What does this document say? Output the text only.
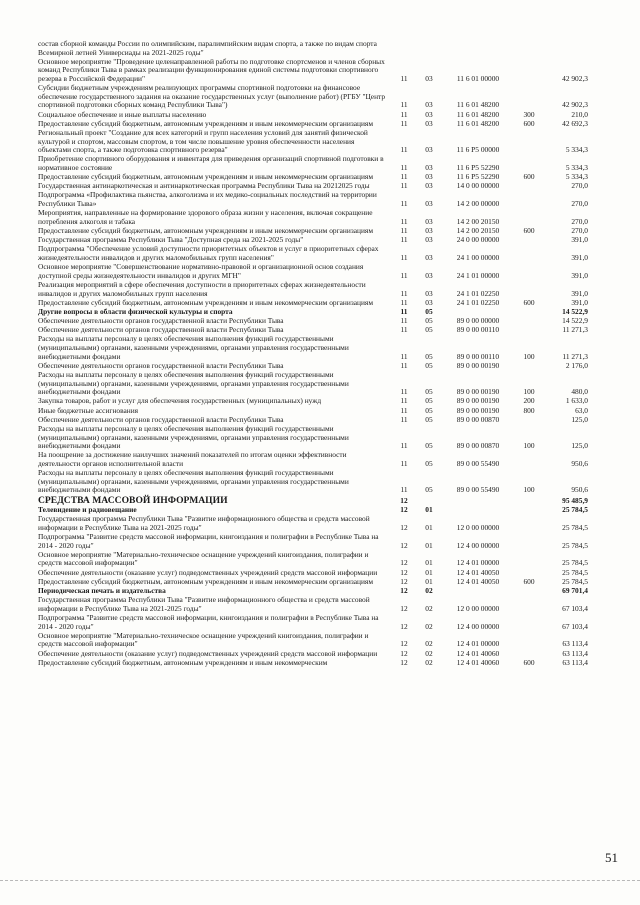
состав сборной команды России по олимпийским, паралимпийским видам спорта, а также по видам спорта Всемирной летней Универсиады на 2021-2025 годы"
Основное мероприятие "Проведение целенаправленной работы по подготовке спортсменов и членов сборных команд Республики Тыва в рамках реализации функционирования единой системы подготовки спортивного резерва в Российской Федерации"	11	03	11 6 01 00000	42 902,3
Субсидии бюджетным учреждениям реализующих программы спортивной подготовки на финансовое обеспечение государственного задания на оказание государственных услуг (выполнение работ) (РГБУ "Центр спортивной подготовки сборных команд Республики Тыва")	11	03	11 6 01 48200	42 902,3
Социальное обеспечение и иные выплаты населению	11	03	11 6 01 48200	300	210,0
Предоставление субсидий бюджетным, автономным учреждениям и иным некоммерческим организациям	11	03	11 6 01 48200	600	42 692,3
Региональный проект "Создание для всех категорий и групп населения условий для занятий физической культурой и спортом, массовым спортом, в том числе повышение уровня обеспеченности населения объектами спорта, а также подготовка спортивного резерва"	11	03	11 6 P5 00000	5 334,3
Приобретение спортивного оборудования и инвентаря для приведения организаций спортивной подготовки в нормативное состояние	11	03	11 6 P5 52290	5 334,3
Предоставление субсидий бюджетным, автономным учреждениям и иным некоммерческим организациям	11	03	11 6 P5 52290	600	5 334,3
Государственная антинаркотическая и антинаркотическая программа Республики Тыва на 20212025 годы	11	03	14 0 00 00000	270,0
Подпрограмма «Профилактика пьянства, алкоголизма и их медико-социальных последствий на территории Республики Тыва»	11	03	14 2 00 00000	270,0
Мероприятия, направленные на формирование здорового образа жизни у населения, включая сокращение потребления алкоголя и табака	11	03	14 2 00 20150	270,0
Предоставление субсидий бюджетным, автономным учреждениям и иным некоммерческим организациям	11	03	14 2 00 20150	600	270,0
Государственная программа Республики Тыва "Доступная среда на 2021-2025 годы"	11	03	24 0 00 00000	391,0
Подпрограмма "Обеспечение условий доступности приоритетных объектов и услуг в приоритетных сферах жизнедеятельности инвалидов и других маломобильных групп населения"	11	03	24 1 00 00000	391,0
Основное мероприятие "Совершенствование нормативно-правовой и организационной основ создания доступной среды жизнедеятельности инвалидов и других МГН"	11	03	24 1 01 00000	391,0
Реализация мероприятий в сфере обеспечения доступности в приоритетных сферах жизнедеятельности инвалидов и других маломобильных групп населения	11	03	24 1 01 02250	391,0
Предоставление субсидий бюджетным, автономным учреждениям и иным некоммерческим организациям	11	03	24 1 01 02250	600	391,0
Другие вопросы в области физической культуры и спорта	11	05	14 522,9
Обеспечение деятельности органов государственной власти Республики Тыва	11	05	89 0 00 00000	14 522,9
Обеспечение деятельности органов государственной власти Республики Тыва	11	05	89 0 00 00110	11 271,3
Расходы на выплаты персоналу в целях обеспечения выполнения функций государственными (муниципальными) органами, казенными учреждениями, органами управления государственными внебюджетными фондами	11	05	89 0 00 00110	100	11 271,3
Обеспечение деятельности органов государственной власти Республики Тыва	11	05	89 0 00 00190	2 176,0
Расходы на выплаты персоналу в целях обеспечения выполнения функций государственными (муниципальными) органами, казенными учреждениями, органами управления государственными внебюджетными фондами	11	05	89 0 00 00190	100	480,0
Закупка товаров, работ и услуг для обеспечения государственных (муниципальных) нужд	11	05	89 0 00 00190	200	1 633,0
Иные бюджетные ассигнования	11	05	89 0 00 00190	800	63,0
Обеспечение деятельности органов государственной власти Республики Тыва	11	05	89 0 00 00870	125,0
Расходы на выплаты персоналу в целях обеспечения выполнения функций государственными (муниципальными) органами, казенными учреждениями, органами управления государственными внебюджетными фондами	11	05	89 0 00 00870	100	125,0
На поощрение за достижение наилучших значений показателей по итогам оценки эффективности деятельности органов исполнительной власти	11	05	89 0 00 55490	950,6
Расходы на выплаты персоналу в целях обеспечения выполнения функций государственными (муниципальными) органами, казенными учреждениями, органами управления государственными внебюджетными фондами	11	05	89 0 00 55490	100	950,6
СРЕДСТВА МАССОВОЙ ИНФОРМАЦИИ	12	95 485,9
Телевидение и радиовещание	12	01	25 784,5
Государственная программа Республики Тыва "Развитие информационного общества и средств массовой информации в Республике Тыва на 2021-2025 годы"	12	01	12 0 00 00000	25 784,5
Подпрограмма "Развитие средств массовой информации, книгоиздания и полиграфии в Республике Тыва на 2014 - 2020 годы"	12	01	12 4 00 00000	25 784,5
Основное мероприятие "Материально-техническое оснащение учреждений книгоиздания, полиграфии и средств массовой информации"	12	01	12 4 01 00000	25 784,5
Обеспечение деятельности (оказание услуг) подведомственных учреждений средств массовой информации	12	01	12 4 01 40050	25 784,5
Предоставление субсидий бюджетным, автономным учреждениям и иным некоммерческим организациям	12	01	12 4 01 40050	600	25 784,5
Периодическая печать и издательства	12	02	69 701,4
Государственная программа Республики Тыва "Развитие информационного общества и средств массовой информации в Республике Тыва на 2021-2025 годы"	12	02	12 0 00 00000	67 103,4
Подпрограмма "Развитие средств массовой информации, книгоиздания и полиграфии в Республике Тыва на 2014 - 2020 годы"	12	02	12 4 00 00000	67 103,4
Основное мероприятие "Материально-техническое оснащение учреждений книгоиздания, полиграфии и средств массовой информации"	12	02	12 4 01 00000	63 113,4
Обеспечение деятельности (оказание услуг) подведомственных учреждений средств массовой информации	12	02	12 4 01 40060	63 113,4
Предоставление субсидий бюджетным, автономным учреждениям и иным некоммерческим	12	02	12 4 01 40060	600	63 113,4
51
